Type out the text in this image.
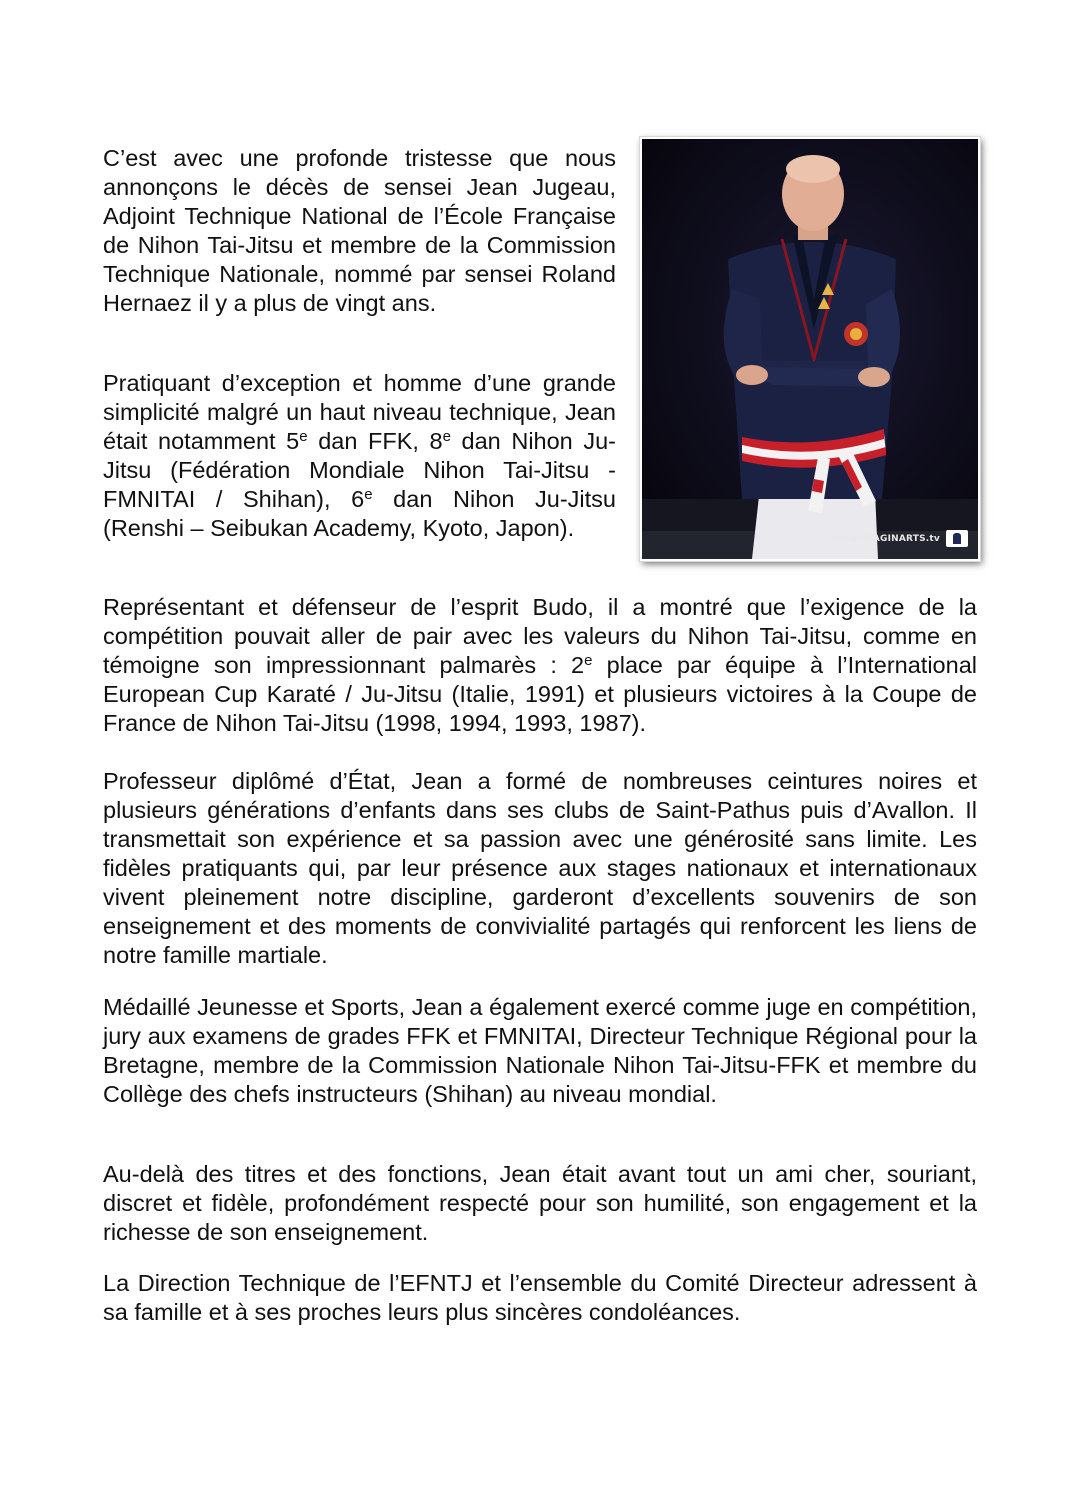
C’est avec une profonde tristesse que nous annonçons le décès de sensei Jean Jugeau, Adjoint Technique National de l’École Française de Nihon Tai-Jitsu et membre de la Commission Technique Nationale, nommé par sensei Roland Hernaez il y a plus de vingt ans.

Pratiquant d’exception et homme d’une grande simplicité malgré un haut niveau technique, Jean était notamment 5e dan FFK, 8e dan Nihon Ju-Jitsu (Fédération Mondiale Nihon Tai-Jitsu - FMNITAI / Shihan), 6e dan Nihon Ju-Jitsu (Renshi – Seibukan Academy, Kyoto, Japon).	www.IMAGINARTS.tv

Représentant et défenseur de l’esprit Budo, il a montré que l’exigence de la compétition pouvait aller de pair avec les valeurs du Nihon Tai-Jitsu, comme en témoigne son impressionnant palmarès : 2e place par équipe à l’International European Cup Karaté / Ju-Jitsu (Italie, 1991) et plusieurs victoires à la Coupe de France de Nihon Tai-Jitsu (1998, 1994, 1993, 1987).

Professeur diplômé d’État, Jean a formé de nombreuses ceintures noires et plusieurs générations d’enfants dans ses clubs de Saint-Pathus puis d’Avallon. Il transmettait son expérience et sa passion avec une générosité sans limite. Les fidèles pratiquants qui, par leur présence aux stages nationaux et internationaux vivent pleinement notre discipline, garderont d’excellents souvenirs de son enseignement et des moments de convivialité partagés qui renforcent les liens de notre famille martiale.

Médaillé Jeunesse et Sports, Jean a également exercé comme juge en compétition, jury aux examens de grades FFK et FMNITAI, Directeur Technique Régional pour la Bretagne, membre de la Commission Nationale Nihon Tai-Jitsu-FFK et membre du Collège des chefs instructeurs (Shihan) au niveau mondial.

Au-delà des titres et des fonctions, Jean était avant tout un ami cher, souriant, discret et fidèle, profondément respecté pour son humilité, son engagement et la richesse de son enseignement.

La Direction Technique de l’EFNTJ et l’ensemble du Comité Directeur adressent à sa famille et à ses proches leurs plus sincères condoléances.
